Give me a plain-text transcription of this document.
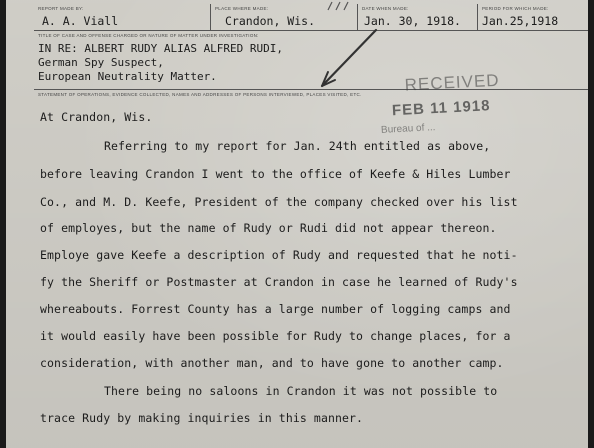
REPORT MADE BY:
A. A. Viall
PLACE WHERE MADE:
Crandon, Wis.
DATE WHEN MADE:
Jan. 30, 1918.
PERIOD FOR WHICH MADE:
Jan.25,1918
TITLE OF CASE AND OFFENSE CHARGED OR NATURE OF MATTER UNDER INVESTIGATION:
IN RE: ALBERT RUDY ALIAS ALFRED RUDI,
German Spy Suspect,
European Neutrality Matter.
STATEMENT OF OPERATIONS, EVIDENCE COLLECTED, NAMES AND ADDRESSES OF PERSONS INTERVIEWED, PLACES VISITED, ETC.	RECEIVED
FEB 11 1918
Bureau of ...
At Crandon, Wis.
Referring to my report for Jan. 24th entitled as above,
before leaving Crandon I went to the office of Keefe & Hiles Lumber
Co., and M. D. Keefe, President of the company checked over his list
of employes, but the name of Rudy or Rudi did not appear thereon.
Employe gave Keefe a description of Rudy and requested that he noti-
fy the Sheriff or Postmaster at Crandon in case he learned of Rudy's
whereabouts. Forrest County has a large number of logging camps and
it would easily have been possible for Rudy to change places, for a
consideration, with another man, and to have gone to another camp.
There being no saloons in Crandon it was not possible to
trace Rudy by making inquiries in this manner.
